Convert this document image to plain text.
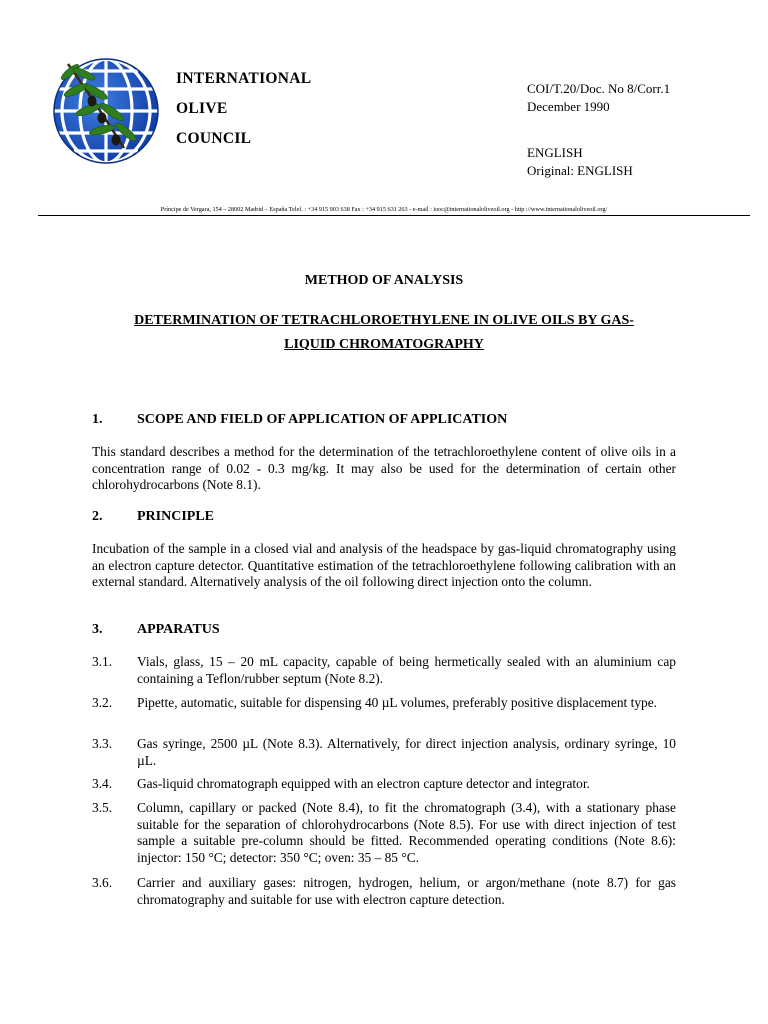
INTERNATIONAL
OLIVE
COUNCIL
COI/T.20/Doc. No 8/Corr.1
December 1990
ENGLISH
Original: ENGLISH
Príncipe de Vergara, 154 – 28002 Madrid – España Telef. : +34 915 903 638 Fax : +34 915 631 263 - e-mail : iooc@internationaloliveoil.org - http ://www.internationaloliveoil.org/
METHOD OF ANALYSIS
DETERMINATION OF TETRACHLOROETHYLENE IN OLIVE OILS BY GAS-
LIQUID CHROMATOGRAPHY
1. SCOPE AND FIELD OF APPLICATION OF APPLICATION
This standard describes a method for the determination of the tetrachloroethylene content of olive oils in a concentration range of 0.02 - 0.3 mg/kg. It may also be used for the determination of certain other chlorohydrocarbons (Note 8.1).
2. PRINCIPLE
Incubation of the sample in a closed vial and analysis of the headspace by gas-liquid chromatography using an electron capture detector. Quantitative estimation of the tetrachloroethylene following calibration with an external standard. Alternatively analysis of the oil following direct injection onto the column.
3. APPARATUS
3.1. Vials, glass, 15 – 20 mL capacity, capable of being hermetically sealed with an aluminium cap containing a Teflon/rubber septum (Note 8.2).
3.2. Pipette, automatic, suitable for dispensing 40 µL volumes, preferably positive displacement type.
3.3. Gas syringe, 2500 µL (Note 8.3). Alternatively, for direct injection analysis, ordinary syringe, 10 µL.
3.4. Gas-liquid chromatograph equipped with an electron capture detector and integrator.
3.5. Column, capillary or packed (Note 8.4), to fit the chromatograph (3.4), with a stationary phase suitable for the separation of chlorohydrocarbons (Note 8.5). For use with direct injection of test sample a suitable pre-column should be fitted. Recommended operating conditions (Note 8.6): injector: 150 °C; detector: 350 °C; oven: 35 – 85 °C.
3.6. Carrier and auxiliary gases: nitrogen, hydrogen, helium, or argon/methane (note 8.7) for gas chromatography and suitable for use with electron capture detection.
